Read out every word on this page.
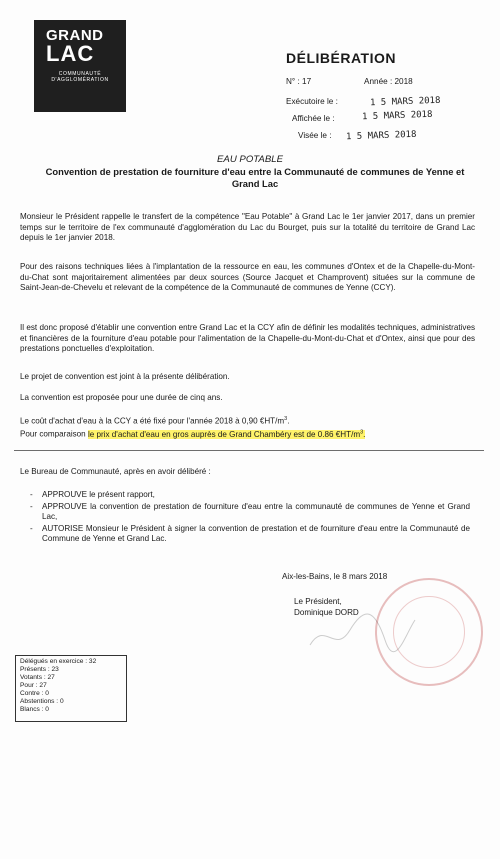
GRAND
LAC
COMMUNAUTÉ D'AGGLOMÉRATION
DÉLIBÉRATION
N° : 17	Année : 2018
Exécutoire le :	1 5 MARS 2018
Affichée le :	1 5 MARS 2018
Visée le : 1 5 MARS 2018
EAU POTABLE
Convention de prestation de fourniture d'eau entre la Communauté de communes de Yenne et Grand Lac
Monsieur le Président rappelle le transfert de la compétence "Eau Potable" à Grand Lac le 1er janvier 2017, dans un premier temps sur le territoire de l'ex communauté d'agglomération du Lac du Bourget, puis sur la totalité du territoire de Grand Lac depuis le 1er janvier 2018.
Pour des raisons techniques liées à l'implantation de la ressource en eau, les communes d'Ontex et de la Chapelle-du-Mont-du-Chat sont majoritairement alimentées par deux sources (Source Jacquet et Champrovent) situées sur la commune de Saint-Jean-de-Chevelu et relevant de la compétence de la Communauté de communes de Yenne (CCY).
Il est donc proposé d'établir une convention entre Grand Lac et la CCY afin de définir les modalités techniques, administratives et financières de la fourniture d'eau potable pour l'alimentation de la Chapelle-du-Mont-du-Chat et d'Ontex, ainsi que pour des prestations ponctuelles d'exploitation.
Le projet de convention est joint à la présente délibération.
La convention est proposée pour une durée de cinq ans.
Le coût d'achat d'eau à la CCY a été fixé pour l'année 2018 à 0,90 $€HT/m^3$.
Pour comparaison le prix d'achat d'eau en gros auprès de Grand Chambéry est de 0.86 $€HT/m^3$.
Le Bureau de Communauté, après en avoir délibéré :
- APPROUVE le présent rapport,
- APPROUVE la convention de prestation de fourniture d'eau entre la communauté de communes de Yenne et Grand Lac,
- AUTORISE Monsieur le Président à signer la convention de prestation et de fourniture d'eau entre la Communauté de Commune de Yenne et Grand Lac.
Aix-les-Bains, le 8 mars 2018
Le Président,
Dominique DORD
Délégués en exercice : 32
Présents : 23
Votants : 27
Pour : 27
Contre : 0
Abstentions : 0
Blancs : 0
